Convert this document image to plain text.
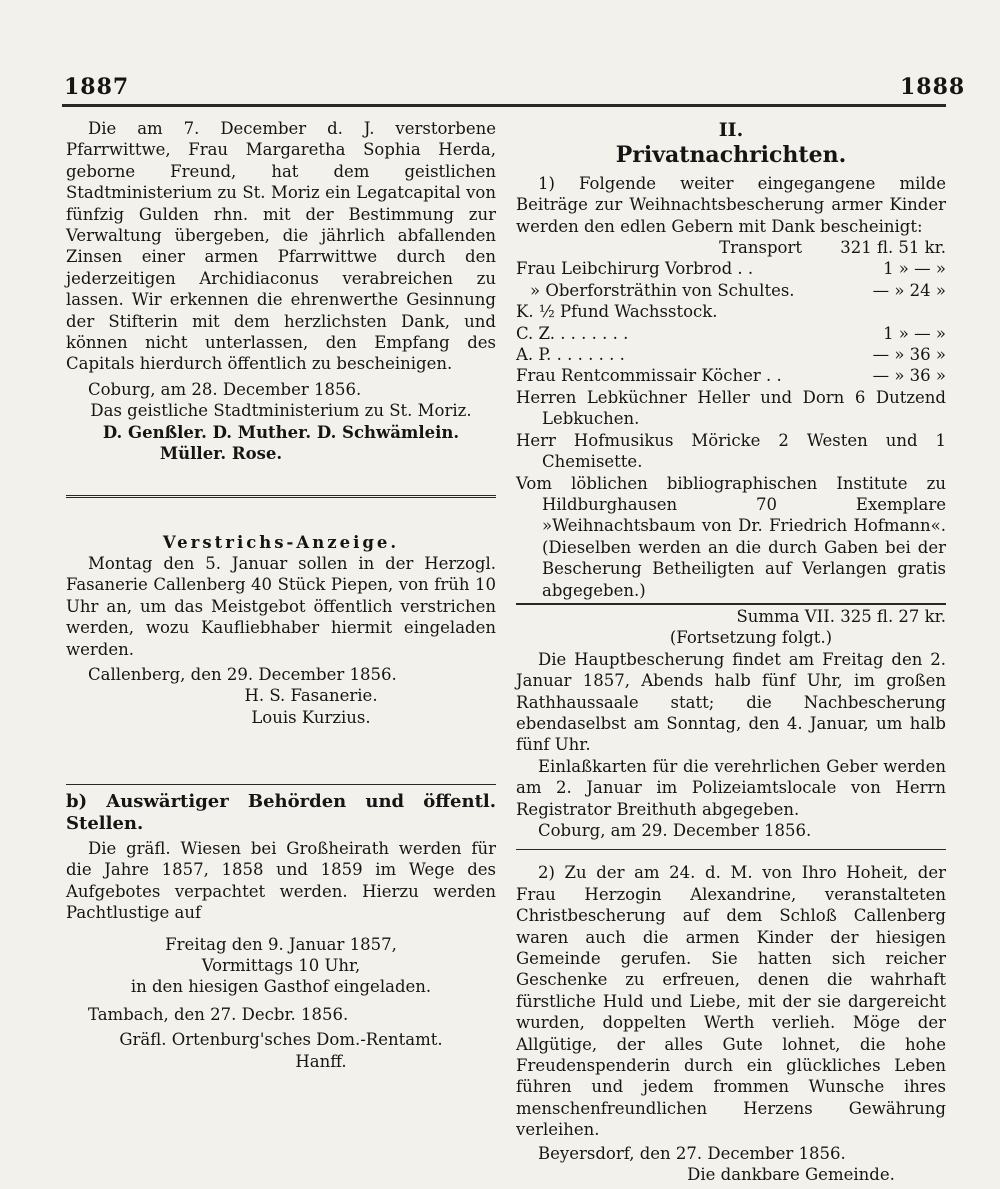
1887	1888

Die am 7. December d. J. verstorbene Pfarrwittwe, Frau Margaretha Sophia Herda, geborne Freund, hat dem geistlichen Stadtministerium zu St. Moriz ein Legatcapital von fünfzig Gulden rhn. mit der Bestimmung zur Verwaltung übergeben, die jährlich abfallenden Zinsen einer armen Pfarrwittwe durch den jederzeitigen Archidiaconus verabreichen zu lassen. Wir erkennen die ehrenwerthe Gesinnung der Stifterin mit dem herzlichsten Dank, und können nicht unterlassen, den Empfang des Capitals hierdurch öffentlich zu bescheinigen.

Coburg, am 28. December 1856.

Das geistliche Stadtministerium zu St. Moriz.

D. Genßler. D. Muther. D. Schwämlein.

Müller. Rose.

Verstrichs-Anzeige.

Montag den 5. Januar sollen in der Herzogl. Fasanerie Callenberg 40 Stück Piepen, von früh 10 Uhr an, um das Meistgebot öffentlich verstrichen werden, wozu Kaufliebhaber hiermit eingeladen werden.

Callenberg, den 29. December 1856.

H. S. Fasanerie.

Louis Kurzius.

b) Auswärtiger Behörden und öffentl. Stellen.

Die gräfl. Wiesen bei Großheirath werden für die Jahre 1857, 1858 und 1859 im Wege des Aufgebotes verpachtet werden. Hierzu werden Pachtlustige auf

Freitag den 9. Januar 1857,

Vormittags 10 Uhr,

in den hiesigen Gasthof eingeladen.

Tambach, den 27. Decbr. 1856.

Gräfl. Ortenburg'sches Dom.-Rentamt.

Hanff.

II.

Privatnachrichten.

1) Folgende weiter eingegangene milde Beiträge zur Weihnachtsbescherung armer Kinder werden den edlen Gebern mit Dank bescheinigt:

Transport	321 fl. 51 kr.
Frau Leibchirurg Vorbrod . .	1 » — »
» Oberforsträthin von Schultes.	— » 24 »
K. ½ Pfund Wachsstock.
C. Z. . . . . . . .	1 » — »
A. P. . . . . . . .	— » 36 »
Frau Rentcommissair Köcher . .	— » 36 »

Herren Lebküchner Heller und Dorn 6 Dutzend Lebkuchen.

Herr Hofmusikus Möricke 2 Westen und 1 Chemisette.

Vom löblichen bibliographischen Institute zu Hildburghausen 70 Exemplare »Weihnachtsbaum von Dr. Friedrich Hofmann«. (Dieselben werden an die durch Gaben bei der Bescherung Betheiligten auf Verlangen gratis abgegeben.)

Summa VII. 325 fl. 27 kr.

(Fortsetzung folgt.)

Die Hauptbescherung findet am Freitag den 2. Januar 1857, Abends halb fünf Uhr, im großen Rathhaussaale statt; die Nachbescherung ebendaselbst am Sonntag, den 4. Januar, um halb fünf Uhr.

Einlaßkarten für die verehrlichen Geber werden am 2. Januar im Polizeiamtslocale von Herrn Registrator Breithuth abgegeben.

Coburg, am 29. December 1856.

2) Zu der am 24. d. M. von Ihro Hoheit, der Frau Herzogin Alexandrine, veranstalteten Christbescherung auf dem Schloß Callenberg waren auch die armen Kinder der hiesigen Gemeinde gerufen. Sie hatten sich reicher Geschenke zu erfreuen, denen die wahrhaft fürstliche Huld und Liebe, mit der sie dargereicht wurden, doppelten Werth verlieh. Möge der Allgütige, der alles Gute lohnet, die hohe Freudenspenderin durch ein glückliches Leben führen und jedem frommen Wunsche ihres menschenfreundlichen Herzens Gewährung verleihen.

Beyersdorf, den 27. December 1856.

Die dankbare Gemeinde.
